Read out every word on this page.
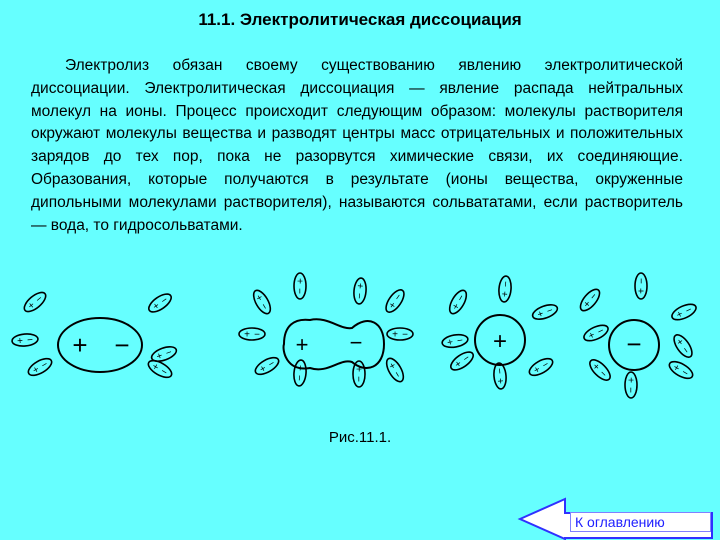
11.1. Электролитическая диссоциация

Электролиз обязан своему существованию явлению электролитической диссоциации. Электролитическая диссоциация — явление распада нейтральных молекул на ионы. Процесс происходит следующим образом: молекулы растворителя окружают молекулы вещества и разводят центры масс отрицательных и положительных зарядов до тех пор, пока не разорвутся химические связи, их соединяющие. Образования, которые получаются в результате (ионы вещества, окруженные дипольными молекулами растворителя), называются сольвататами, если растворитель — вода, то гидросольватами.

+ −	+ −	+	−
+
−
+
−
+ −
+ −
+
−	+
−
+
−
+
−
+
−
+
−
+ −	+ −
+
− +
−
+
−
+
−
+
−	+
−
+ −
+ −
+
−
+
−	+
−
+
−
+
−
+ −
+ −
+
−
+
− +
−
+
−
Рис.11.1.
К оглавлению
